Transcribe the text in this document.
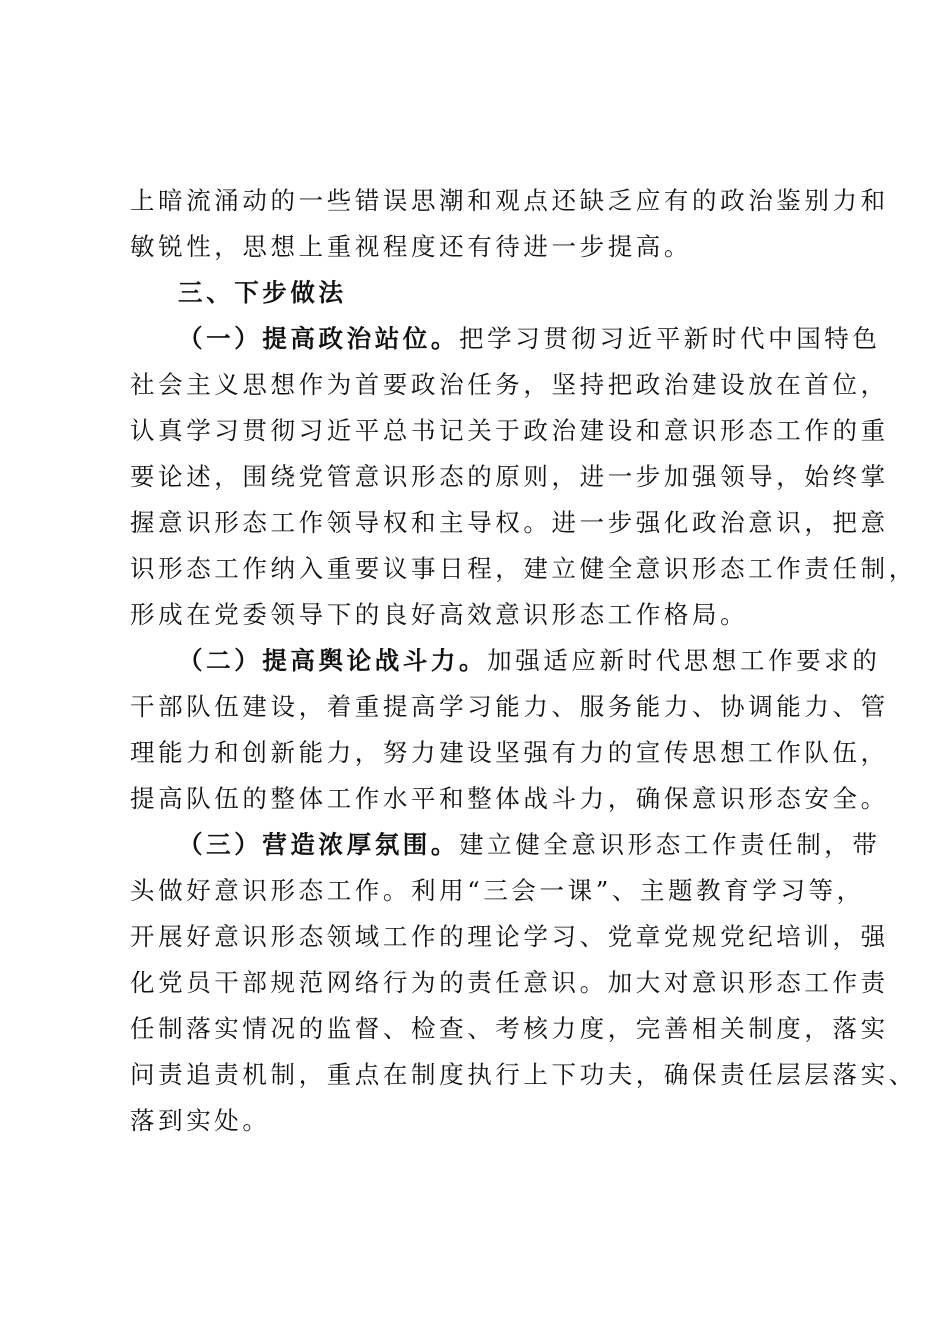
上暗流涌动的一些错误思潮和观点还缺乏应有的政治鉴别力和
敏锐性，思想上重视程度还有待进一步提高。
三、下步做法
（一）提高政治站位。把学习贯彻习近平新时代中国特色
社会主义思想作为首要政治任务，坚持把政治建设放在首位，
认真学习贯彻习近平总书记关于政治建设和意识形态工作的重
要论述，围绕党管意识形态的原则，进一步加强领导，始终掌
握意识形态工作领导权和主导权。进一步强化政治意识，把意
识形态工作纳入重要议事日程，建立健全意识形态工作责任制，
形成在党委领导下的良好高效意识形态工作格局。
（二）提高舆论战斗力。加强适应新时代思想工作要求的
干部队伍建设，着重提高学习能力、服务能力、协调能力、管
理能力和创新能力，努力建设坚强有力的宣传思想工作队伍，
提高队伍的整体工作水平和整体战斗力，确保意识形态安全。
（三）营造浓厚氛围。建立健全意识形态工作责任制，带
头做好意识形态工作。利用“三会一课”、主题教育学习等，
开展好意识形态领域工作的理论学习、党章党规党纪培训，强
化党员干部规范网络行为的责任意识。加大对意识形态工作责
任制落实情况的监督、检查、考核力度，完善相关制度，落实
问责追责机制，重点在制度执行上下功夫，确保责任层层落实、
落到实处。
